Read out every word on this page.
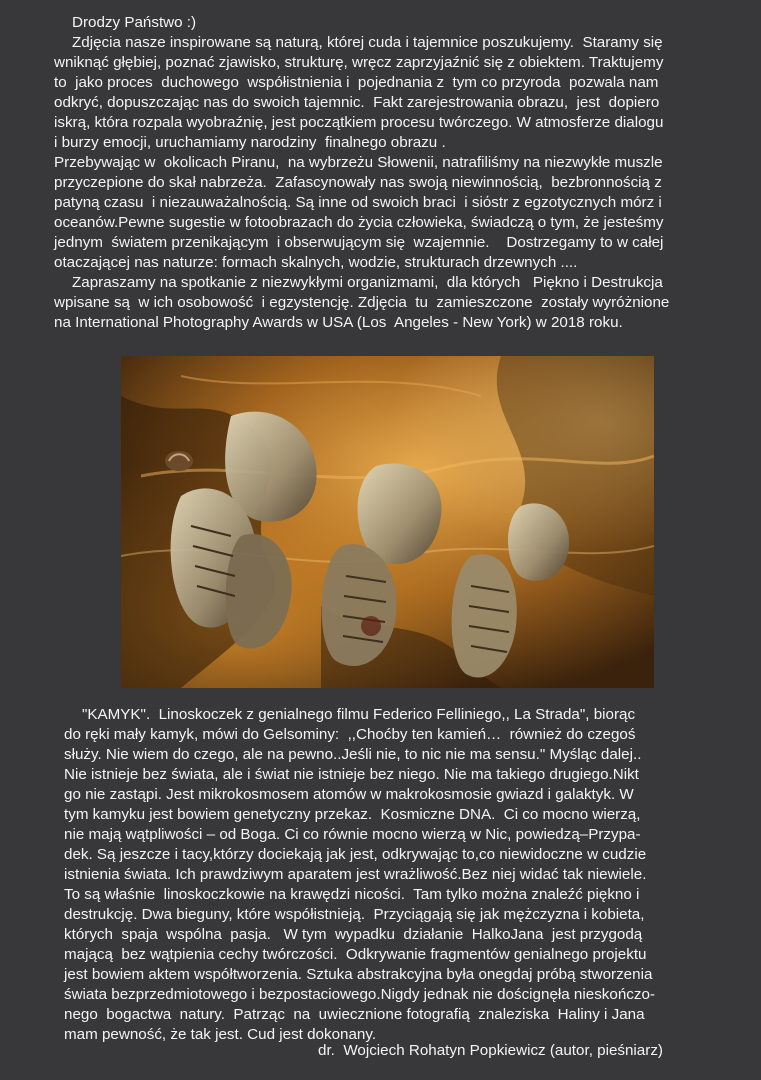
Drodzy Państwo :)
Zdjęcia nasze inspirowane są naturą, której cuda i tajemnice poszukujemy.  Staramy się
wniknąć głębiej, poznać zjawisko, strukturę, wręcz zaprzyjaźnić się z obiektem. Traktujemy
to  jako proces  duchowego  współistnienia i  pojednania z  tym co przyroda  pozwala nam
odkryć, dopuszczając nas do swoich tajemnic.  Fakt zarejestrowania obrazu,  jest  dopiero
iskrą, która rozpala wyobraźnię, jest początkiem procesu twórczego. W atmosferze dialogu
i burzy emocji, uruchamiamy narodziny  finalnego obrazu .
Przebywając w  okolicach Piranu,  na wybrzeżu Słowenii, natrafiliśmy na niezwykłe muszle
przyczepione do skał nabrzeża.  Zafascynowały nas swoją niewinnością,  bezbronnością z
patyną czasu  i niezauważalnością. Są inne od swoich braci  i siόstr z egzotycznych mórz i
oceanów.Pewne sugestie w fotoobrazach do życia człowieka, świadczą o tym, że jesteśmy
jednym  światem przenikającym  i obserwującym się  wzajemnie.    Dostrzegamy to w całej
otaczającej nas naturze: formach skalnych, wodzie, strukturach drzewnych ....
Zapraszamy na spotkanie z niezwykłymi organizmami,  dla których   Piękno i Destrukcja
wpisane są  w ich osobowość  i egzystencję. Zdjęcia  tu  zamieszczone  zostały wyróżnione
na International Photography Awards w USA (Los  Angeles - New York) w 2018 roku.
"KAMYK".  Linoskoczek z genialnego filmu Federico Felliniego,, La Strada", biorąc
do ręki mały kamyk, mówi do Gelsominy:  ,,Choćby ten kamień…  również do czegoś
służy. Nie wiem do czego, ale na pewno..Jeśli nie, to nic nie ma sensu." Myśląc dalej..
Nie istnieje bez świata, ale i świat nie istnieje bez niego. Nie ma takiego drugiego.Nikt
go nie zastąpi. Jest mikrokosmosem atomów w makrokosmosie gwiazd i galaktyk. W
tym kamyku jest bowiem genetyczny przekaz.  Kosmiczne DNA.  Ci co mocno wierzą,
nie mają wątpliwości – od Boga. Ci co równie mocno wierzą w Nic, powiedzą–Przypa-
dek. Są jeszcze i tacy,którzy dociekają jak jest, odkrywając to,co niewidoczne w cudzie
istnienia świata. Ich prawdziwym aparatem jest wrażliwość.Bez niej widać tak niewiele.
To są właśnie  linoskoczkowie na krawędzi nicości.  Tam tylko można znaleźć piękno i
destrukcję. Dwa bieguny, które współistnieją.  Przyciągają się jak mężczyzna i kobieta,
których  spaja  wspólna  pasja.   W tym  wypadku  działanie  HalkoJana  jest przygodą
mającą  bez wątpienia cechy twórczości.  Odkrywanie fragmentów genialnego projektu
jest bowiem aktem współtworzenia. Sztuka abstrakcyjna była onegdaj próbą stworzenia
świata bezprzedmiotowego i bezpostaciowego.Nigdy jednak nie doścignęła nieskończo-
nego  bogactwa  natury.  Patrząc  na  uwiecznione fotografią  znaleziska  Haliny i Jana
mam pewność, że tak jest. Cud jest dokonany.
dr.  Wojciech Rohatyn Popkiewicz (autor, pieśniarz)
